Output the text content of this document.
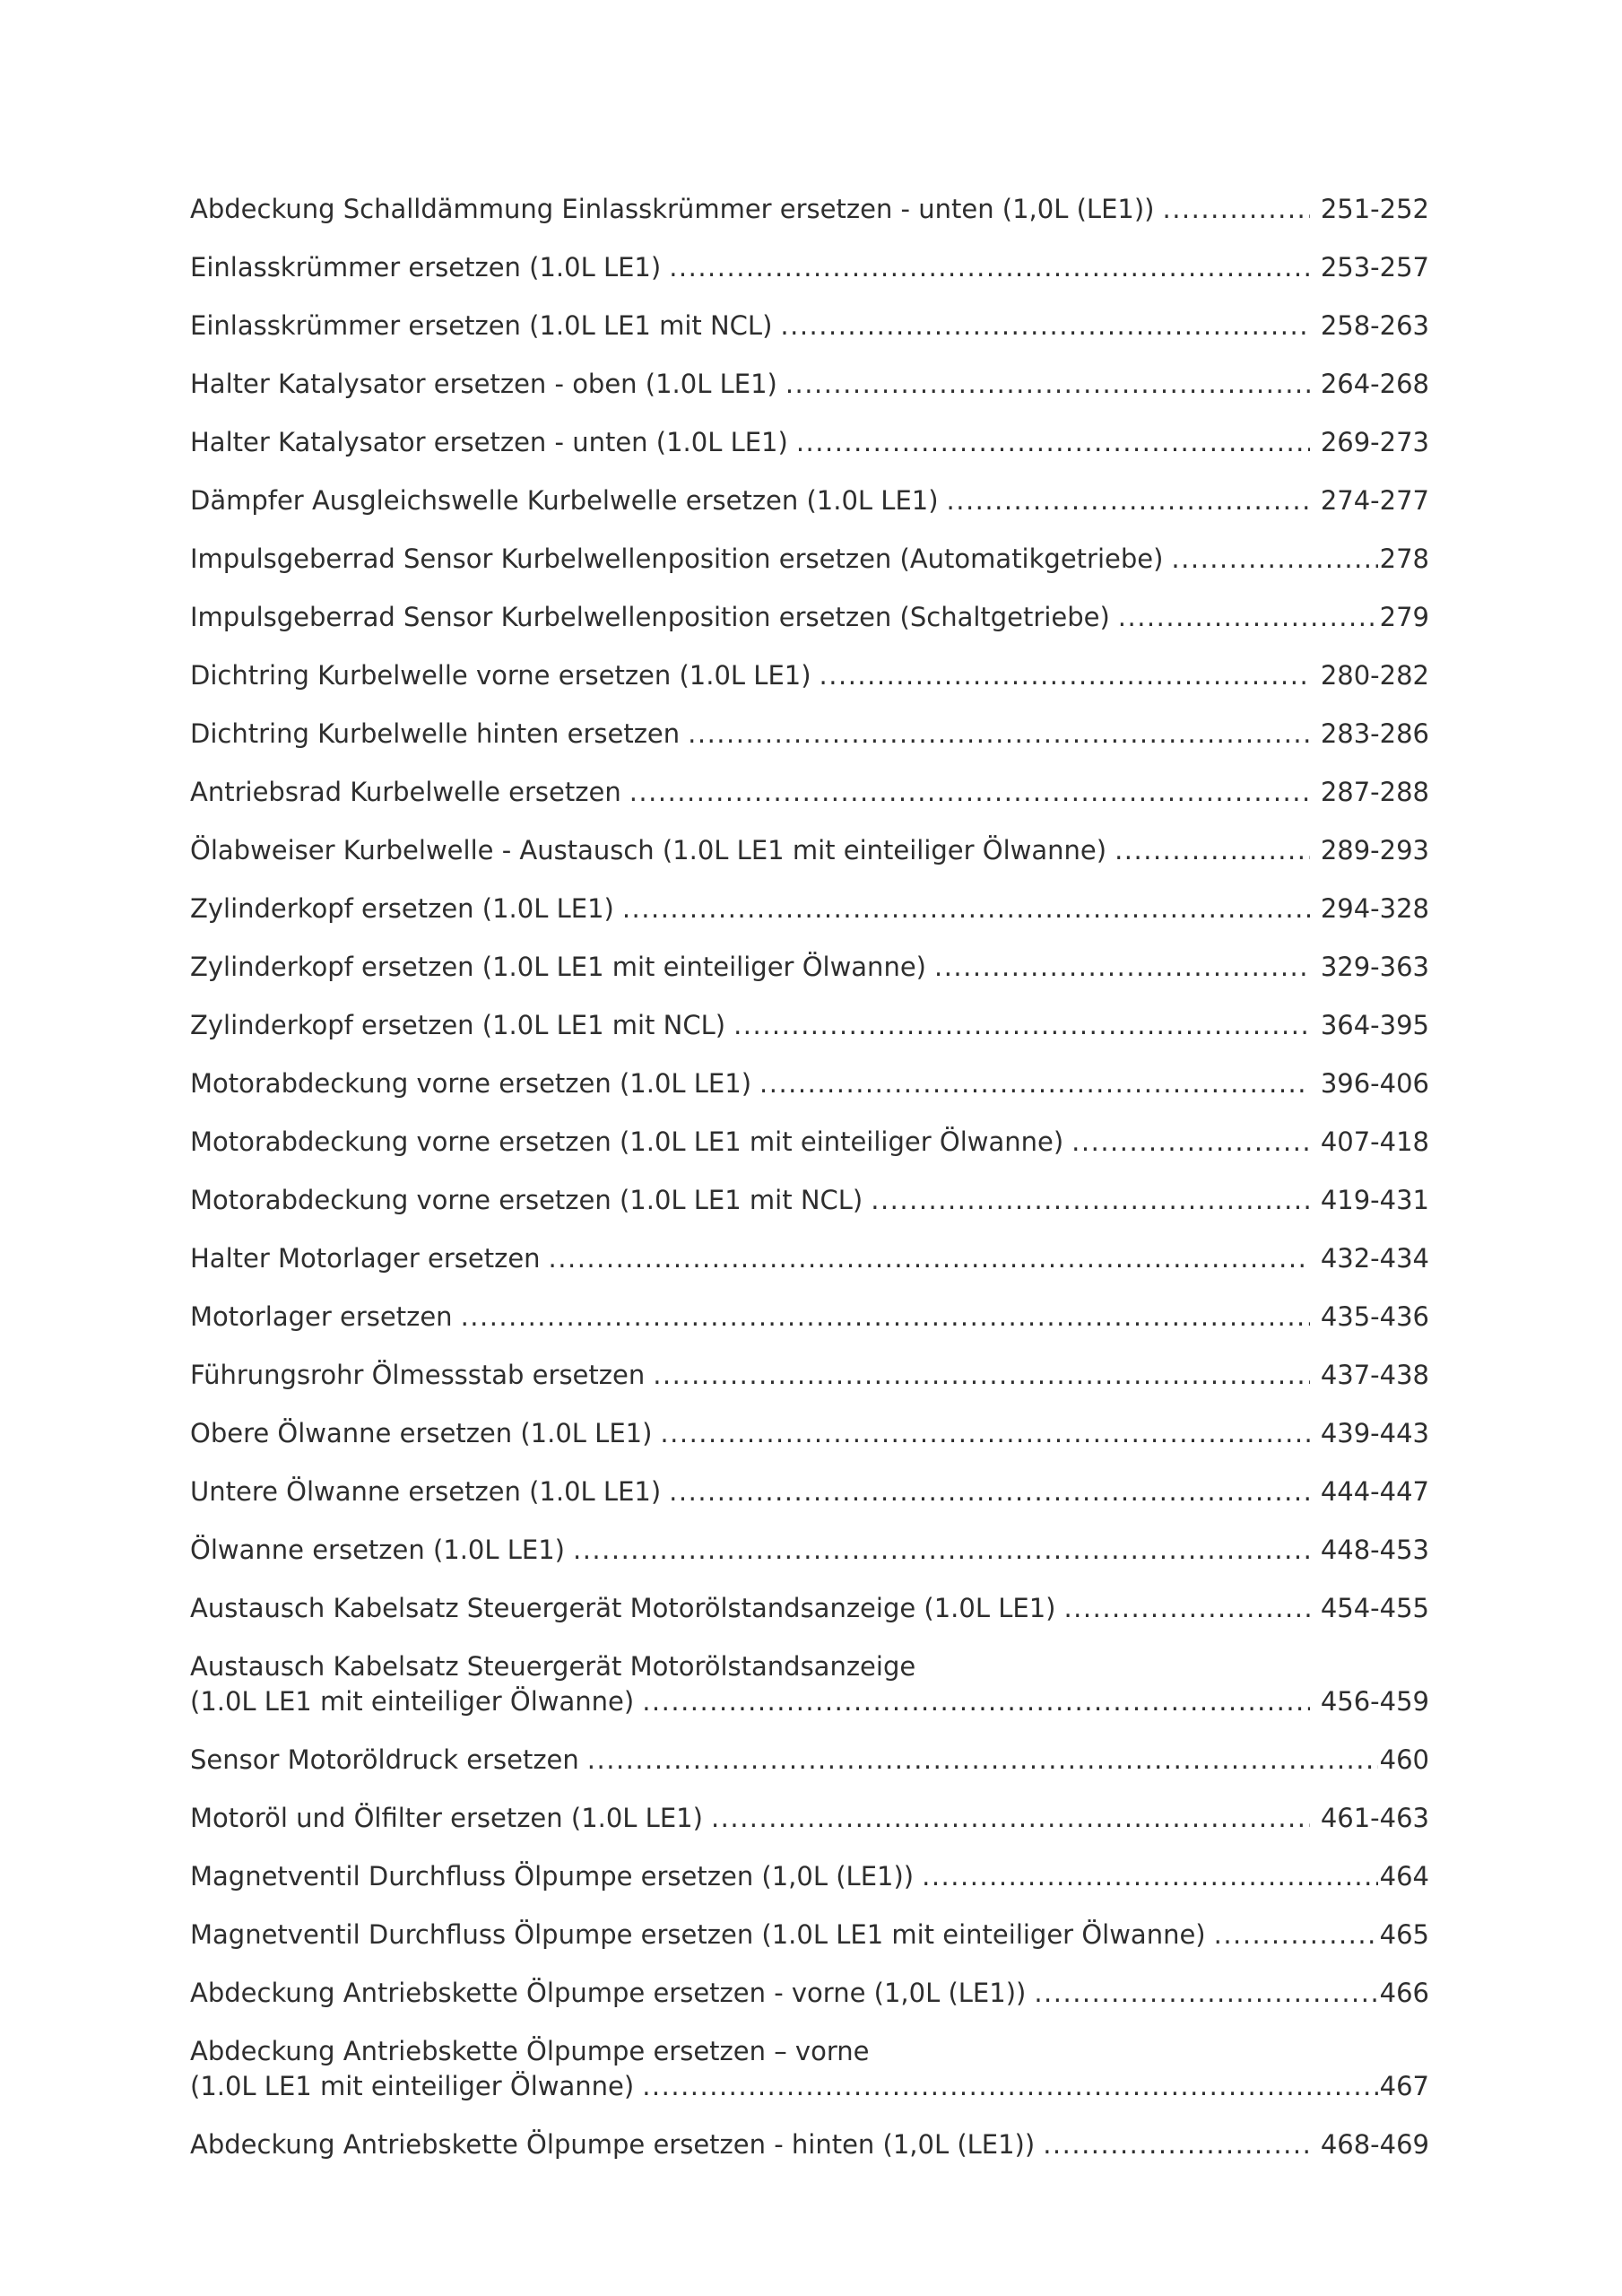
Abdeckung Schalldämmung Einlasskrümmer ersetzen - unten (1,0L (LE1)) .....	251-252
Einlasskrümmer ersetzen (1.0L LE1) .....	253-257
Einlasskrümmer ersetzen (1.0L LE1 mit NCL) .....	258-263
Halter Katalysator ersetzen - oben (1.0L LE1) .....	264-268
Halter Katalysator ersetzen - unten (1.0L LE1) .....	269-273
Dämpfer Ausgleichswelle Kurbelwelle ersetzen (1.0L LE1) .....	274-277
Impulsgeberrad Sensor Kurbelwellenposition ersetzen (Automatikgetriebe) .....	278
Impulsgeberrad Sensor Kurbelwellenposition ersetzen (Schaltgetriebe) .....	279
Dichtring Kurbelwelle vorne ersetzen (1.0L LE1) .....	280-282
Dichtring Kurbelwelle hinten ersetzen .....	283-286
Antriebsrad Kurbelwelle ersetzen .....	287-288
Ölabweiser Kurbelwelle - Austausch (1.0L LE1 mit einteiliger Ölwanne) .....	289-293
Zylinderkopf ersetzen (1.0L LE1) .....	294-328
Zylinderkopf ersetzen (1.0L LE1 mit einteiliger Ölwanne) .....	329-363
Zylinderkopf ersetzen (1.0L LE1 mit NCL) .....	364-395
Motorabdeckung vorne ersetzen (1.0L LE1) .....	396-406
Motorabdeckung vorne ersetzen (1.0L LE1 mit einteiliger Ölwanne) .....	407-418
Motorabdeckung vorne ersetzen (1.0L LE1 mit NCL) .....	419-431
Halter Motorlager ersetzen .....	432-434
Motorlager ersetzen .....	435-436
Führungsrohr Ölmessstab ersetzen .....	437-438
Obere Ölwanne ersetzen (1.0L LE1) .....	439-443
Untere Ölwanne ersetzen (1.0L LE1) .....	444-447
Ölwanne ersetzen (1.0L LE1) .....	448-453
Austausch Kabelsatz Steuergerät Motorölstandsanzeige (1.0L LE1) .....	454-455
Austausch Kabelsatz Steuergerät Motorölstandsanzeige
(1.0L LE1 mit einteiliger Ölwanne) .....	456-459
Sensor Motoröldruck ersetzen .....	460
Motoröl und Ölfilter ersetzen (1.0L LE1) .....	461-463
Magnetventil Durchfluss Ölpumpe ersetzen (1,0L (LE1)) .....	464
Magnetventil Durchfluss Ölpumpe ersetzen (1.0L LE1 mit einteiliger Ölwanne) .....	465
Abdeckung Antriebskette Ölpumpe ersetzen - vorne (1,0L (LE1)) .....	466
Abdeckung Antriebskette Ölpumpe ersetzen – vorne
(1.0L LE1 mit einteiliger Ölwanne) .....	467
Abdeckung Antriebskette Ölpumpe ersetzen - hinten (1,0L (LE1)) .....	468-469
